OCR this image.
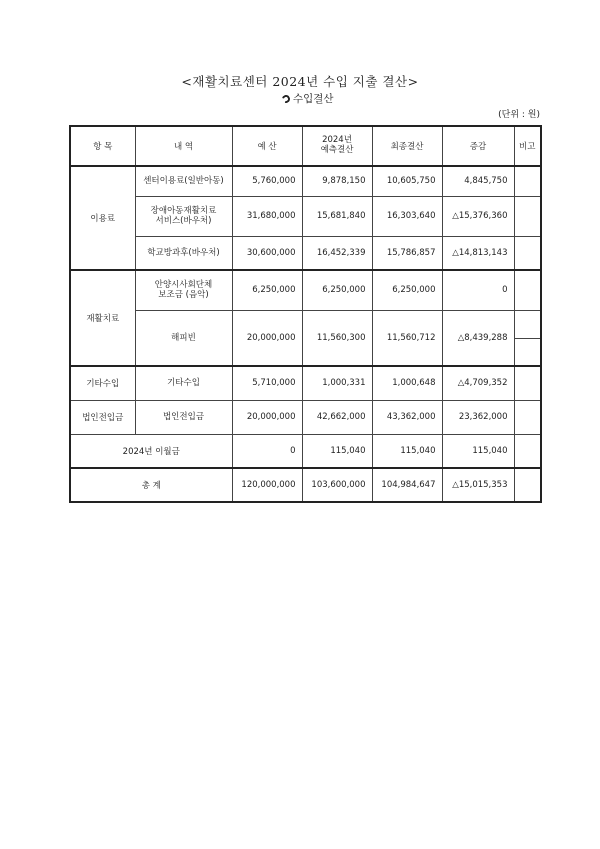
<재활치료센터 2024년 수입 지출 결산>
수입결산
(단위 : 원)
항 목	내 역	예 산	2024년
예측결산	최종결산	증감	비고
이용료	센터이용료(일반아동)	5,760,000	9,878,150	10,605,750	4,845,750	
	장애아동재활치료
서비스(바우처)	31,680,000	15,681,840	16,303,640	△15,376,360	
	학교방과후(바우처)	30,600,000	16,452,339	15,786,857	△14,813,143	
재활치료	안양시사회단체
보조금 (음악)	6,250,000	6,250,000	6,250,000	0	
	해피빈	20,000,000	11,560,300	11,560,712	△8,439,288	

기타수입	기타수입	5,710,000	1,000,331	1,000,648	△4,709,352	
법인전입금	법인전입금	20,000,000	42,662,000	43,362,000	23,362,000	
2024년 이월금		0	115,040	115,040	115,040	
총 계		120,000,000	103,600,000	104,984,647	△15,015,353	
